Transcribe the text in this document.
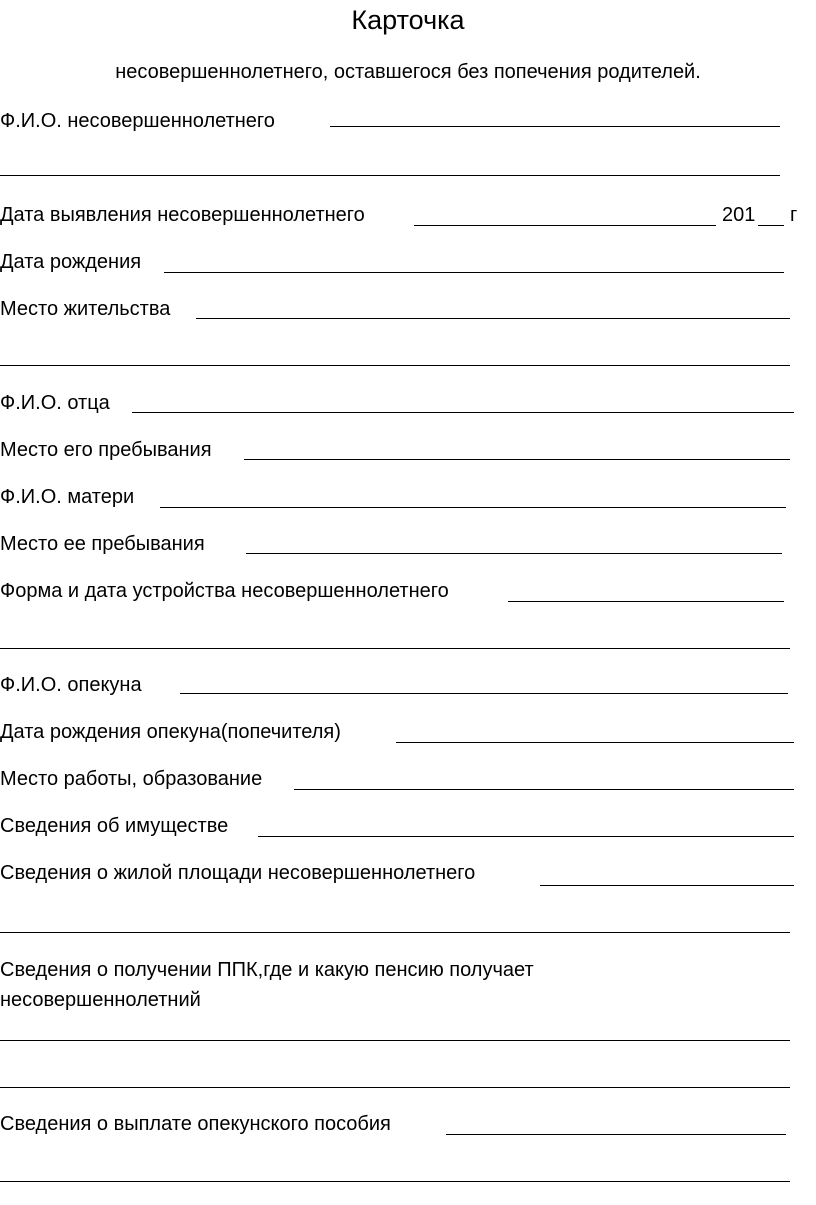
Карточка
несовершеннолетнего, оставшегося без попечения родителей.
Ф.И.О. несовершеннолетнего
Дата выявления несовершеннолетнего	201 г
Дата рождения
Место жительства
Ф.И.О. отца
Место его пребывания
Ф.И.О. матери
Место ее пребывания
Форма и дата устройства несовершеннолетнего
Ф.И.О. опекуна
Дата рождения опекуна(попечителя)
Место работы, образование
Сведения об имуществе
Сведения о жилой площади несовершеннолетнего
Сведения о получении ППК,где и какую пенсию получает несовершеннолетний
Сведения о выплате опекунского пособия
